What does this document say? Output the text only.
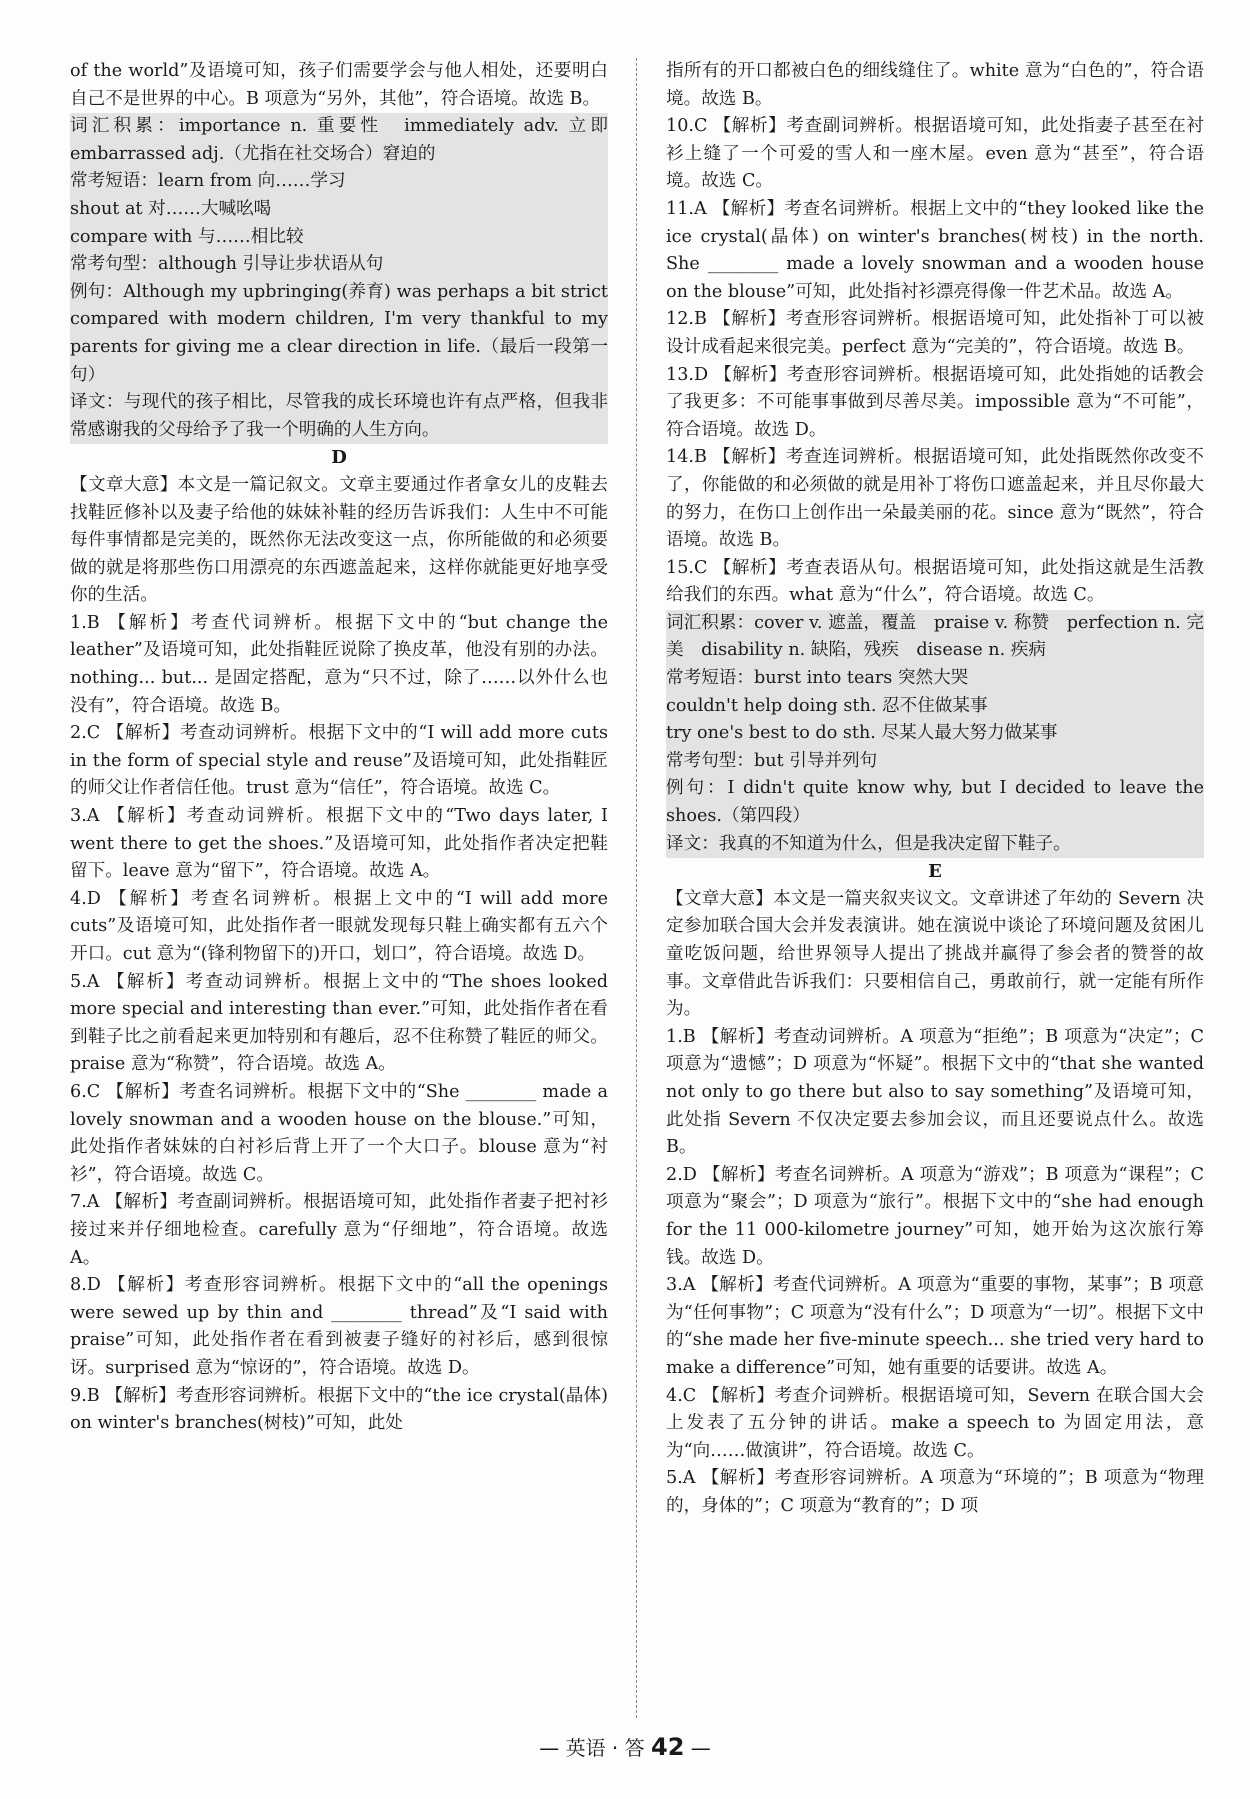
of the world”及语境可知，孩子们需要学会与他人相处，还要明白自己不是世界的中心。B 项意为“另外，其他”，符合语境。故选 B。

词汇积累：importance n. 重要性　immediately adv. 立即　embarrassed adj.（尤指在社交场合）窘迫的

常考短语：learn from 向……学习

shout at 对……大喊吆喝

compare with 与……相比较

常考句型：although 引导让步状语从句

例句：Although my upbringing(养育) was perhaps a bit strict compared with modern children, I'm very thankful to my parents for giving me a clear direction in life.（最后一段第一句）

译文：与现代的孩子相比，尽管我的成长环境也许有点严格，但我非常感谢我的父母给予了我一个明确的人生方向。

D

【文章大意】本文是一篇记叙文。文章主要通过作者拿女儿的皮鞋去找鞋匠修补以及妻子给他的妹妹补鞋的经历告诉我们：人生中不可能每件事情都是完美的，既然你无法改变这一点，你所能做的和必须要做的就是将那些伤口用漂亮的东西遮盖起来，这样你就能更好地享受你的生活。

1.B 【解析】考查代词辨析。根据下文中的“but change the leather”及语境可知，此处指鞋匠说除了换皮革，他没有别的办法。nothing... but... 是固定搭配，意为“只不过，除了……以外什么也没有”，符合语境。故选 B。

2.C 【解析】考查动词辨析。根据下文中的“I will add more cuts in the form of special style and reuse”及语境可知，此处指鞋匠的师父让作者信任他。trust 意为“信任”，符合语境。故选 C。

3.A 【解析】考查动词辨析。根据下文中的“Two days later, I went there to get the shoes.”及语境可知，此处指作者决定把鞋留下。leave 意为“留下”，符合语境。故选 A。

4.D 【解析】考查名词辨析。根据上文中的“I will add more cuts”及语境可知，此处指作者一眼就发现每只鞋上确实都有五六个开口。cut 意为“(锋利物留下的)开口，划口”，符合语境。故选 D。

5.A 【解析】考查动词辨析。根据上文中的“The shoes looked more special and interesting than ever.”可知，此处指作者在看到鞋子比之前看起来更加特别和有趣后，忍不住称赞了鞋匠的师父。praise 意为“称赞”，符合语境。故选 A。

6.C 【解析】考查名词辨析。根据下文中的“She ________ made a lovely snowman and a wooden house on the blouse.”可知，此处指作者妹妹的白衬衫后背上开了一个大口子。blouse 意为“衬衫”，符合语境。故选 C。

7.A 【解析】考查副词辨析。根据语境可知，此处指作者妻子把衬衫接过来并仔细地检查。carefully 意为“仔细地”，符合语境。故选 A。

8.D 【解析】考查形容词辨析。根据下文中的“all the openings were sewed up by thin and ________ thread”及“I said with praise”可知，此处指作者在看到被妻子缝好的衬衫后，感到很惊讶。surprised 意为“惊讶的”，符合语境。故选 D。

9.B 【解析】考查形容词辨析。根据下文中的“the ice crystal(晶体) on winter's branches(树枝)”可知，此处

指所有的开口都被白色的细线缝住了。white 意为“白色的”，符合语境。故选 B。

10.C 【解析】考查副词辨析。根据语境可知，此处指妻子甚至在衬衫上缝了一个可爱的雪人和一座木屋。even 意为“甚至”，符合语境。故选 C。

11.A 【解析】考查名词辨析。根据上文中的“they looked like the ice crystal(晶体) on winter's branches(树枝) in the north. She ________ made a lovely snowman and a wooden house on the blouse”可知，此处指衬衫漂亮得像一件艺术品。故选 A。

12.B 【解析】考查形容词辨析。根据语境可知，此处指补丁可以被设计成看起来很完美。perfect 意为“完美的”，符合语境。故选 B。

13.D 【解析】考查形容词辨析。根据语境可知，此处指她的话教会了我更多：不可能事事做到尽善尽美。impossible 意为“不可能”，符合语境。故选 D。

14.B 【解析】考查连词辨析。根据语境可知，此处指既然你改变不了，你能做的和必须做的就是用补丁将伤口遮盖起来，并且尽你最大的努力，在伤口上创作出一朵最美丽的花。since 意为“既然”，符合语境。故选 B。

15.C 【解析】考查表语从句。根据语境可知，此处指这就是生活教给我们的东西。what 意为“什么”，符合语境。故选 C。

词汇积累：cover v. 遮盖，覆盖　praise v. 称赞　perfection n. 完美　disability n. 缺陷，残疾　disease n. 疾病

常考短语：burst into tears 突然大哭

couldn't help doing sth. 忍不住做某事

try one's best to do sth. 尽某人最大努力做某事

常考句型：but 引导并列句

例句：I didn't quite know why, but I decided to leave the shoes.（第四段）

译文：我真的不知道为什么，但是我决定留下鞋子。

E

【文章大意】本文是一篇夹叙夹议文。文章讲述了年幼的 Severn 决定参加联合国大会并发表演讲。她在演说中谈论了环境问题及贫困儿童吃饭问题，给世界领导人提出了挑战并赢得了参会者的赞誉的故事。文章借此告诉我们：只要相信自己，勇敢前行，就一定能有所作为。

1.B 【解析】考查动词辨析。A 项意为“拒绝”；B 项意为“决定”；C 项意为“遗憾”；D 项意为“怀疑”。根据下文中的“that she wanted not only to go there but also to say something”及语境可知，此处指 Severn 不仅决定要去参加会议，而且还要说点什么。故选 B。

2.D 【解析】考查名词辨析。A 项意为“游戏”；B 项意为“课程”；C 项意为“聚会”；D 项意为“旅行”。根据下文中的“she had enough for the 11 000-kilometre journey”可知，她开始为这次旅行筹钱。故选 D。

3.A 【解析】考查代词辨析。A 项意为“重要的事物，某事”；B 项意为“任何事物”；C 项意为“没有什么”；D 项意为“一切”。根据下文中的“she made her five-minute speech... she tried very hard to make a difference”可知，她有重要的话要讲。故选 A。

4.C 【解析】考查介词辨析。根据语境可知，Severn 在联合国大会上发表了五分钟的讲话。make a speech to 为固定用法，意为“向……做演讲”，符合语境。故选 C。

5.A 【解析】考查形容词辨析。A 项意为“环境的”；B 项意为“物理的，身体的”；C 项意为“教育的”；D 项

— 英语 · 答 42 —
